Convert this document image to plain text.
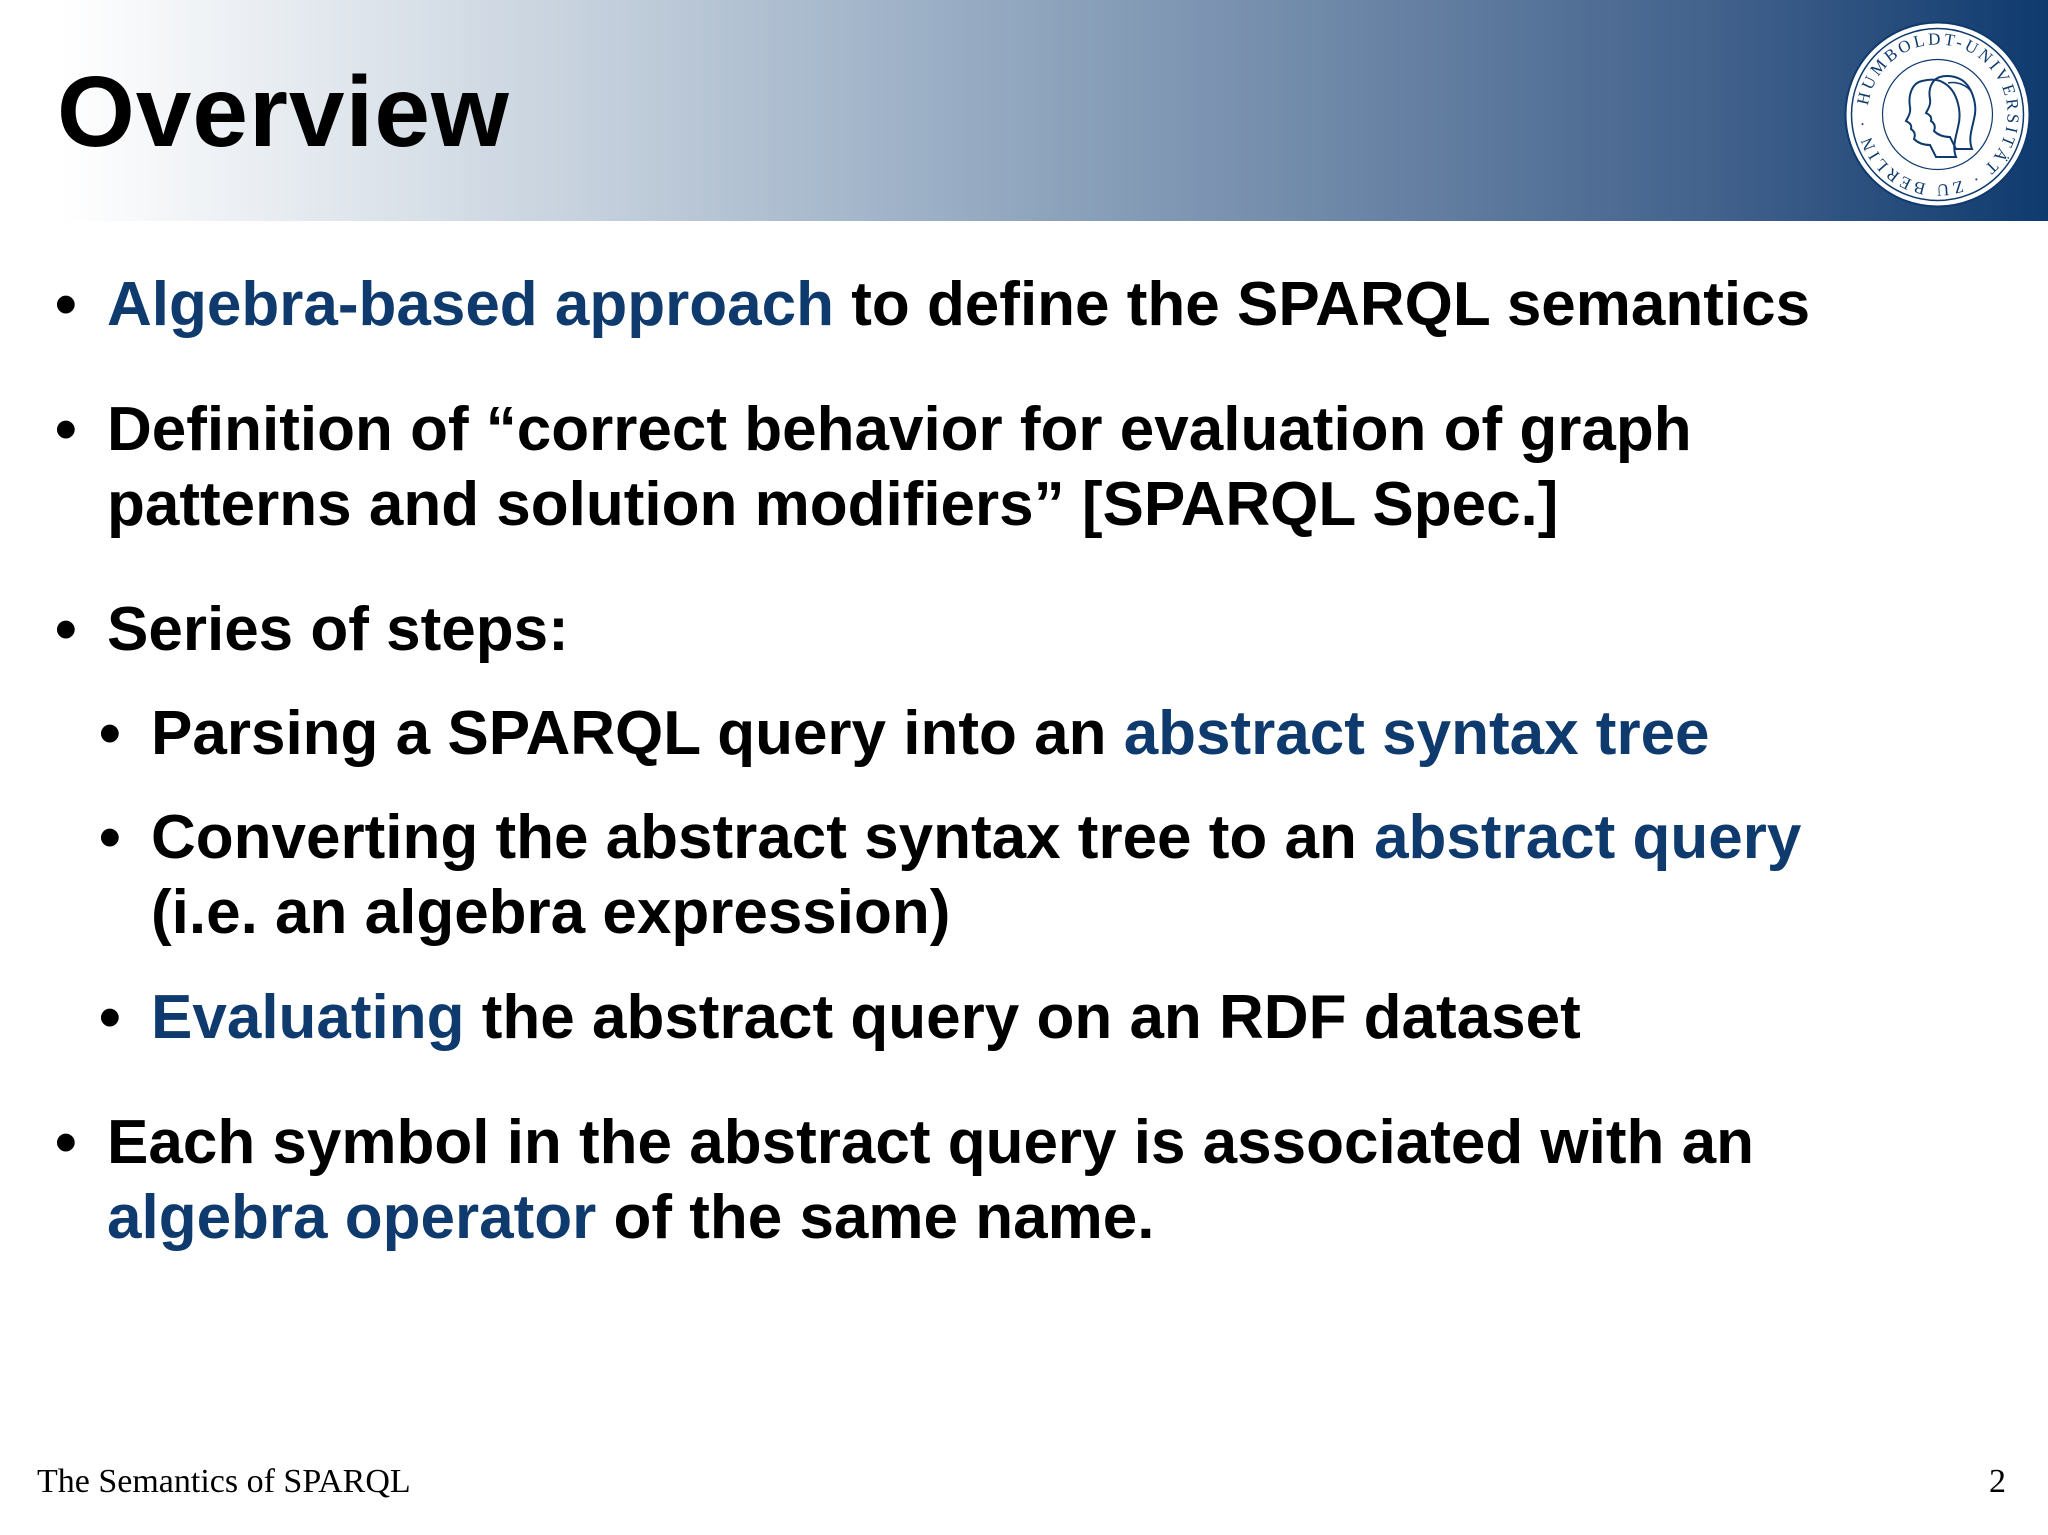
Overview	HUMBOLDT-UNIVERSITÄT · ZU BERLIN ·
• Algebra-based approach to define the SPARQL semantics
• Definition of “correct behavior for evaluation of graph
patterns and solution modifiers” [SPARQL Spec.]
• Series of steps:
• Parsing a SPARQL query into an abstract syntax tree
• Converting the abstract syntax tree to an abstract query
(i.e. an algebra expression)
• Evaluating the abstract query on an RDF dataset
• Each symbol in the abstract query is associated with an
algebra operator of the same name.
The Semantics of SPARQL	2
